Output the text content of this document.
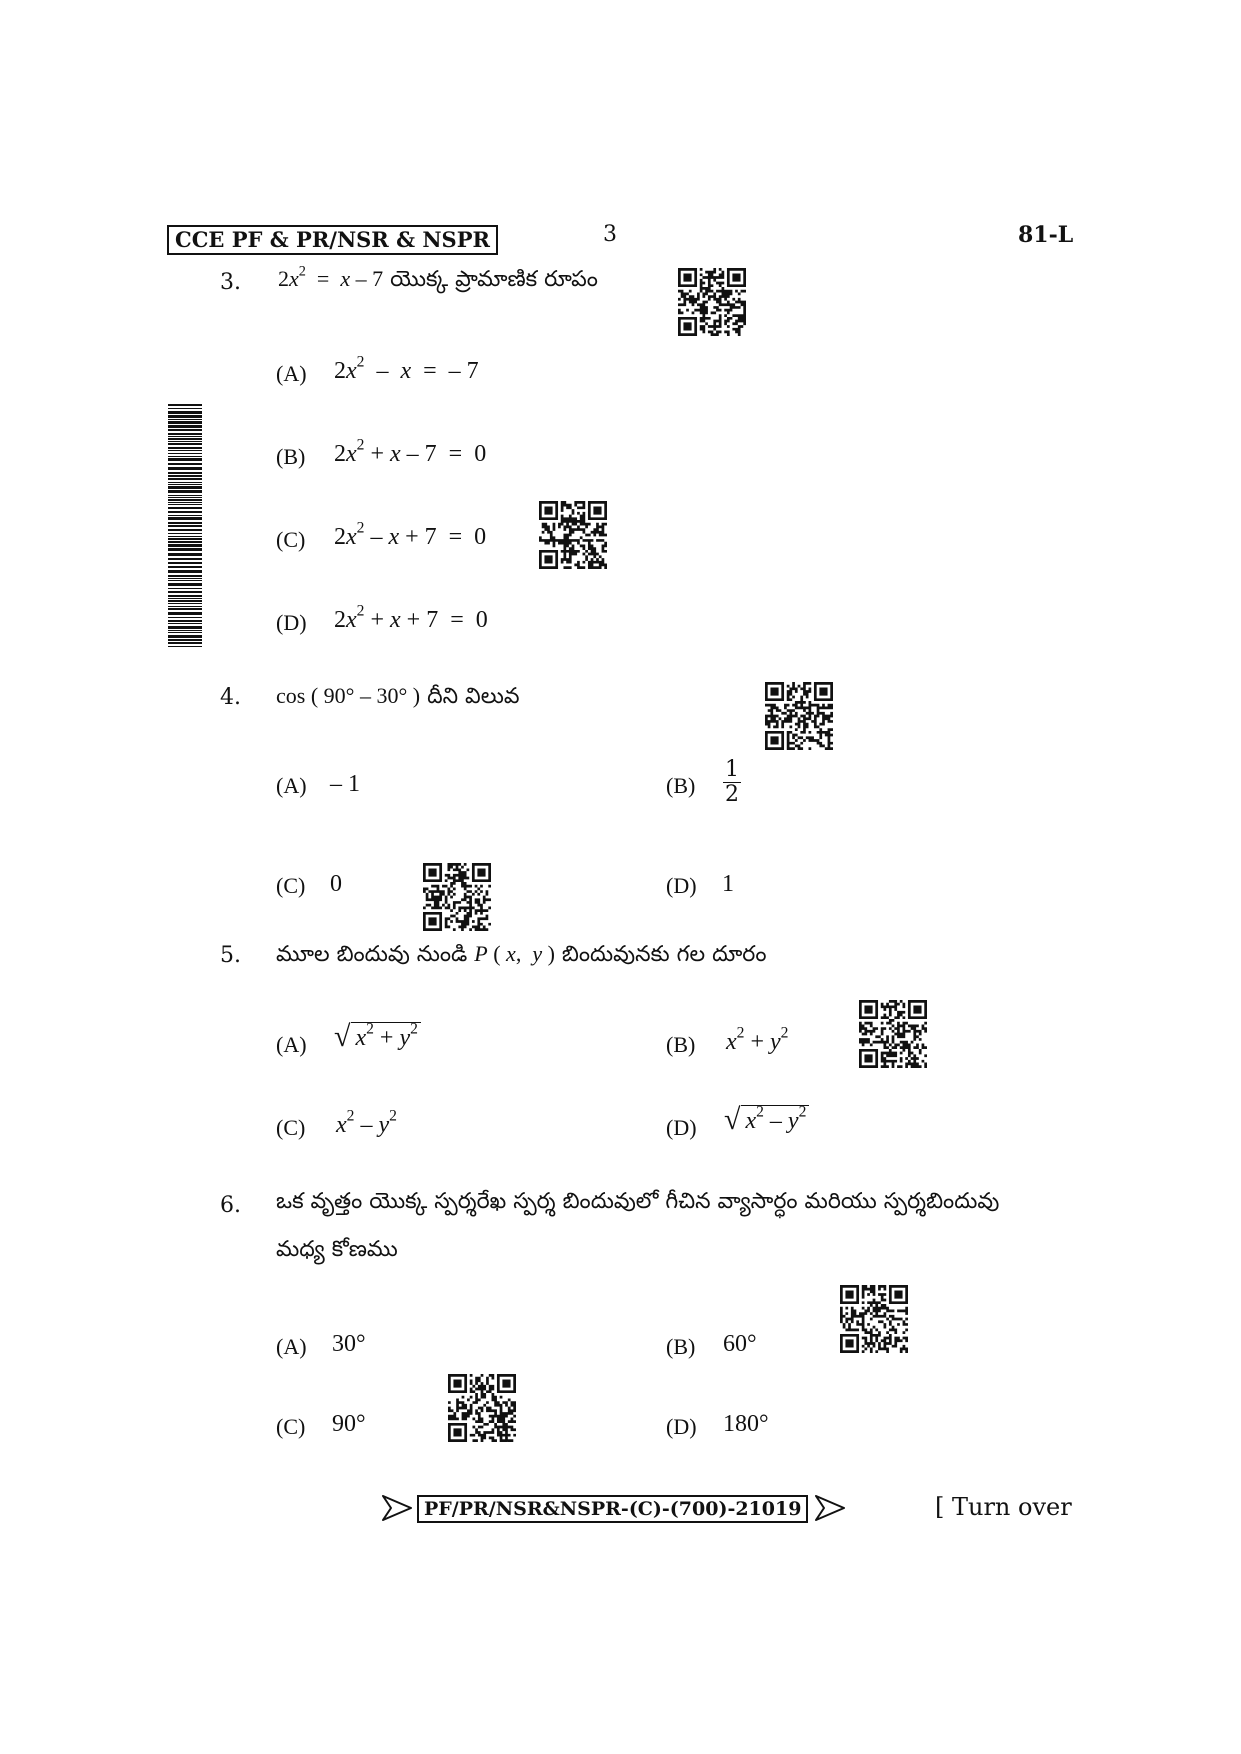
CCE PF & PR/NSR & NSPR	3	81-L
3. $2x^2 = x - 7$ యొక్క ప్రామాణిక రూపం
(A) $2x^2$  –  x  =  – 7
(B) $2x^2 + x - 7 = 0$
(C) $2x^2 - x + 7 = 0$
(D) $2x^2 + x + 7 = 0$
4. cos ( 90° – 30° ) దీని విలువ
(A) – 1	$(B) \frac{1}{2}$
(C) 0	(D) 1
5. మూల బిందువు నుండి P ( x,  y ) బిందువునకు గల దూరం
(A) √ $x^2 + y^2$
(B) $x^2 + y^2$
(C) $x^2 - y^2$	(D) √ $x^2 - y^2$
6. ఒక వృత్తం యొక్క స్పర్శరేఖ స్పర్శ బిందువులో గీచిన వ్యాసార్ధం మరియు స్పర్శబిందువు
మధ్య కోణము
(A) 30°	(B) 60°
(C) 90°	(D) 180°
PF/PR/NSR&NSPR-(C)-(700)-21019	[ Turn over
